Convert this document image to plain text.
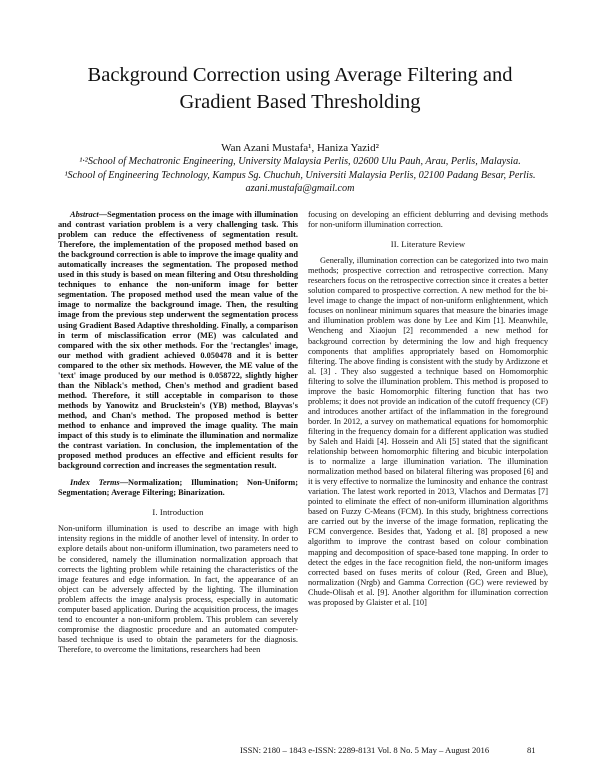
Background Correction using Average Filtering and
Gradient Based Thresholding
Wan Azani Mustafa¹, Haniza Yazid²
¹·²School of Mechatronic Engineering, University Malaysia Perlis, 02600 Ulu Pauh, Arau, Perlis, Malaysia.
¹School of Engineering Technology, Kampus Sg. Chuchuh, Universiti Malaysia Perlis, 02100 Padang Besar, Perlis.
azani.mustafa@gmail.com

Abstract—Segmentation process on the image with illumination and contrast variation problem is a very challenging task. This problem can reduce the effectiveness of segmentation result. Therefore, the implementation of the proposed method based on the background correction is able to improve the image quality and automatically increases the segmentation. The proposed method used in this study is based on mean filtering and Otsu thresholding techniques to enhance the non-uniform image for better segmentation. The proposed method used the mean value of the image to normalize the background image. Then, the resulting image from the previous step underwent the segmentation process using Gradient Based Adaptive thresholding. Finally, a comparison in term of misclassification error (ME) was calculated and compared with the six other methods. For the 'rectangles' image, our method with gradient achieved 0.050478 and it is better compared to the other six methods. However, the ME value of the 'text' image produced by our method is 0.058722, slightly higher than the Niblack's method, Chen's method and gradient based method. Therefore, it still acceptable in comparison to those methods by Yanowitz and Bruckstein's (YB) method, Blayvas's method, and Chan's method. The proposed method is better method to enhance and improved the image quality. The main impact of this study is to eliminate the illumination and normalize the contrast variation. In conclusion, the implementation of the proposed method produces an effective and efficient results for background correction and increases the segmentation result.

Index Terms—Normalization; Illumination; Non-Uniform; Segmentation; Average Filtering; Binarization.

I. Introduction

Non-uniform illumination is used to describe an image with high intensity regions in the middle of another level of intensity. In order to explore details about non-uniform illumination, two parameters need to be considered, namely the illumination normalization approach that corrects the lighting problem while retaining the characteristics of the image features and edge information. In fact, the appearance of an object can be adversely affected by the lighting. The illumination problem affects the image analysis process, especially in automatic computer based application. During the acquisition process, the images tend to encounter a non-uniform problem. This problem can severely compromise the diagnostic procedure and an automated computer-based technique is used to obtain the parameters for the diagnosis. Therefore, to overcome the limitations, researchers had been

focusing on developing an efficient deblurring and devising methods for non-uniform illumination correction.

II. Literature Review

Generally, illumination correction can be categorized into two main methods; prospective correction and retrospective correction. Many researchers focus on the retrospective correction since it creates a better solution compared to prospective correction. A new method for the bi-level image to change the impact of non-uniform enlightenment, which focuses on nonlinear minimum squares that measure the binaries image and illumination problem was done by Lee and Kim [1]. Meanwhile, Wencheng and Xiaojun [2] recommended a new method for background correction by determining the low and high frequency components that amplifies appropriately based on Homomorphic filtering. The above finding is consistent with the study by Ardizzone et al. [3] . They also suggested a technique based on Homomorphic filtering to solve the illumination problem. This method is proposed to improve the basic Homomorphic filtering function that has two problems; it does not provide an indication of the cutoff frequency (CF) and introduces another artifact of the inflammation in the foreground border. In 2012, a survey on mathematical equations for homomorphic filtering in the frequency domain for a different application was studied by Saleh and Haidi [4]. Hossein and Ali [5] stated that the significant relationship between homomorphic filtering and bicubic interpolation is to normalize a large illumination variation. The illumination normalization method based on bilateral filtering was proposed [6] and it is very effective to normalize the luminosity and enhance the contrast variation. The latest work reported in 2013, Vlachos and Dermatas [7] pointed to eliminate the effect of non-uniform illumination algorithms based on Fuzzy C-Means (FCM). In this study, brightness corrections are carried out by the inverse of the image formation, replicating the FCM convergence. Besides that, Yadong et al. [8] proposed a new algorithm to improve the contrast based on colour combination mapping and decomposition of space-based tone mapping. In order to detect the edges in the face recognition field, the non-uniform images corrected based on fuses merits of colour (Red, Green and Blue), normalization (Nrgb) and Gamma Correction (GC) were reviewed by Chude-Olisah et al. [9]. Another algorithm for illumination correction was proposed by Glaister et al. [10]

ISSN: 2180 – 1843 e-ISSN: 2289-8131 Vol. 8 No. 5 May – August 2016	81
